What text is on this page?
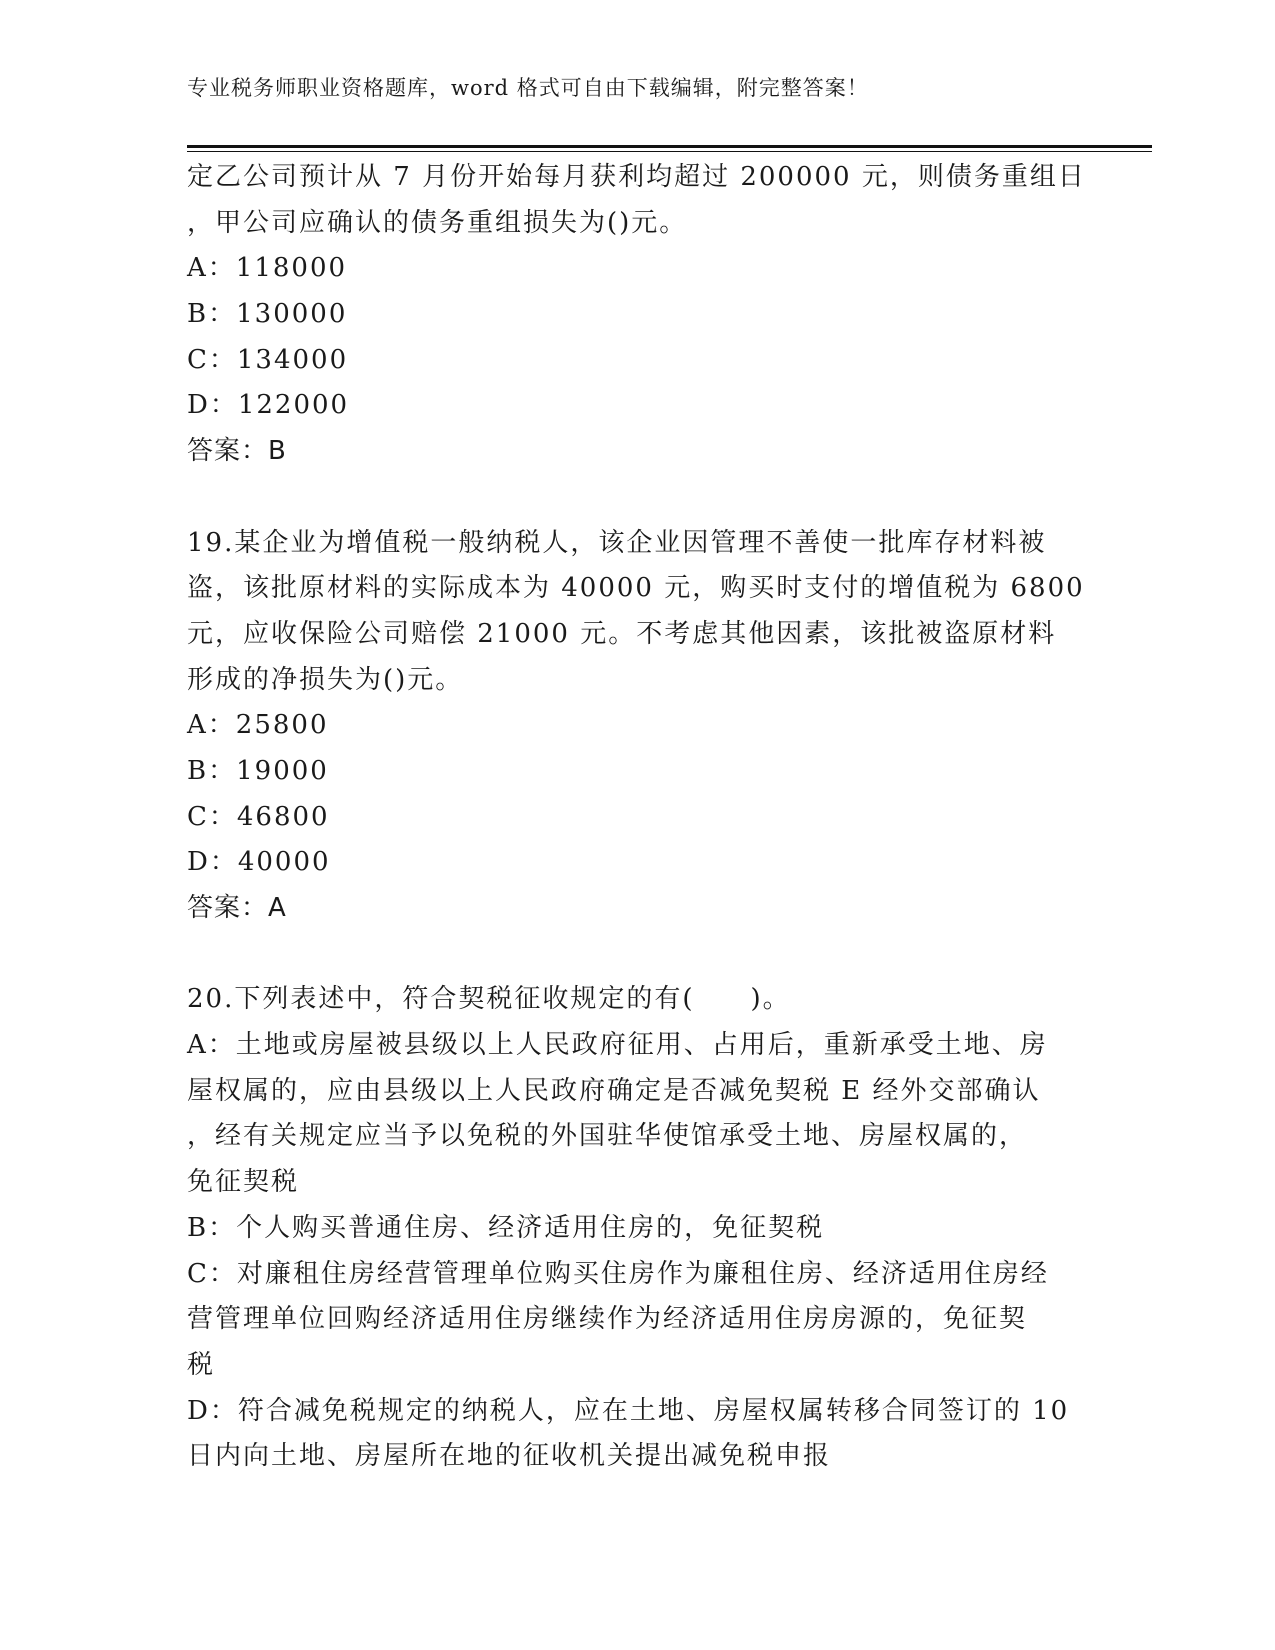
专业税务师职业资格题库，word 格式可自由下载编辑，附完整答案！
定乙公司预计从 7 月份开始每月获利均超过 200000 元，则债务重组日
，甲公司应确认的债务重组损失为()元。
A：118000
B：130000
C：134000
D：122000
答案：B
19.某企业为增值税一般纳税人，该企业因管理不善使一批库存材料被
盗，该批原材料的实际成本为 40000 元，购买时支付的增值税为 6800
元，应收保险公司赔偿 21000 元。不考虑其他因素，该批被盗原材料
形成的净损失为()元。
A：25800
B：19000
C：46800
D：40000
答案：A
20.下列表述中，符合契税征收规定的有(　　)。
A：土地或房屋被县级以上人民政府征用、占用后，重新承受土地、房
屋权属的，应由县级以上人民政府确定是否减免契税 E 经外交部确认
，经有关规定应当予以免税的外国驻华使馆承受土地、房屋权属的，
免征契税
B：个人购买普通住房、经济适用住房的，免征契税
C：对廉租住房经营管理单位购买住房作为廉租住房、经济适用住房经
营管理单位回购经济适用住房继续作为经济适用住房房源的，免征契
税
D：符合减免税规定的纳税人，应在土地、房屋权属转移合同签订的 10
日内向土地、房屋所在地的征收机关提出减免税申报
